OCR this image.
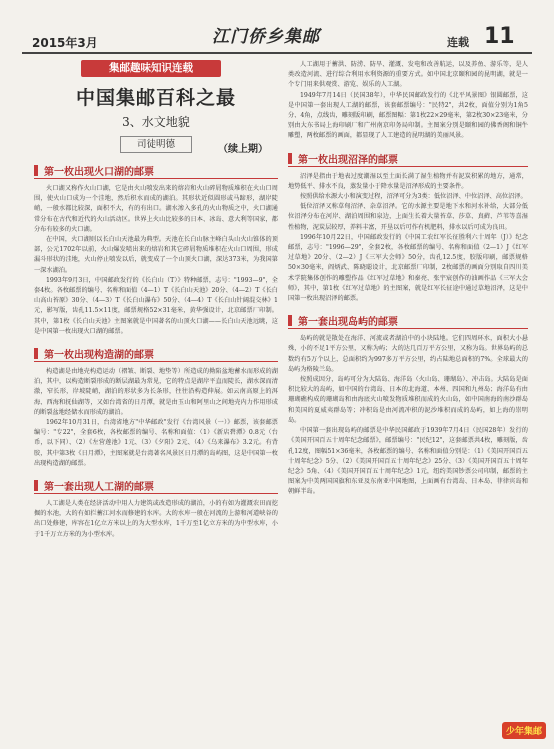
2015年3月	江门侨乡集邮	连载 11
集邮趣味知识连载
中国集邮百科之最
3、水文地貌
司徒明德	（续上期）
第一枚出现火口湖的邮票

火口湖又称作火山口湖，它是由火山喷发出来的熔岩和火山碎屑物质堆积在火山口周围，使火山口成为一个洼地，然后积水而成的湖泊。其形状近似圆形或马蹄形，湖岸陡峭，一般水都比较深，面积不大，有的有出口。湖水渗入多孔的火山物质之中，火口湖通常分布在古代和近代的火山活动区。世界上火山比较多的日本、冰岛、意大利等国家，都分布有较多的火口湖。

在中国，火口湖则以长白山天池最为典型。天池在长白山脉主峰白头山火山锥体的顶部，公元1702年以前，火山爆发喷出来的熔岩和其它碎屑物质堆积在火山口周围，形成漏斗形状的洼地，火山停止喷发以后，就变成了一个山顶火口湖，深达373米，为我国第一深水湖泊。

1993年9月3日，中国邮政发行的《长白山（T）》特种邮票，志号："1993—9"，全套4枚。各枚邮票的编号、名称和面值（4—1）T《长白山天池》20分、（4—2）T《长白山高山苔原》30分、（4—3）T《长白山瀑布》50分、（4—4）T《长白山针阔混交林》1元，影写版，齿孔11.5×11度，邮票规格52×31毫米，黄华强设计，北京邮票厂印制。其中，第1枚《长白山天池》主图案就是中国著名的山顶火口湖——长白山天池远眺，这是中国第一枚出现火口湖的邮票。

第一枚出现构造湖的邮票

构造湖是由地壳构造运动（褶皱、断裂、地垫等）所造成的拗陷盆地蓄水而形成的湖泊，其中，以构造断裂形成的断层湖最为常见，它的特点是湖岸平直而陡长，湖水深而清澈，窄长形，岸坡陡峭，湖泊的形状多为长条形，往往沿构造伸展。如云南高原上的洱海、西海和抚仙湖等，又如台湾省的日月潭，就是由玉山和阿里山之间地壳内力作用形成的断裂盆地经储水而形成的湖泊。

1962年10月31日，台湾省地方"中华邮政"发行《台湾风景（一）》邮票，该套邮票编号："专22"，全套6枚，各枚邮票的编号、名称和面值：（1）《新店碧潭》0.8元（台币，以下同）、（2）《左营莲池》1元、（3）《夕阳》2元、（4）《乌来瀑布》3.2元。有背胶，其中第3枚《日月潭》，主图案就是台湾著名风景区日月潭的岛屿图，这是中国第一枚出现构造湖的邮票。

第一套出现人工湖的邮票

人工湖是人类在经济活动中用人力建筑或改造形成的湖泊，小的有如为灌溉农田而挖掘的水池，大的有如拦蓄江河水而修建的水库。大的水库一般在河流的上游和河道峡谷的出口处修建，库容在1亿立方米以上的为大型水库，1千万至1亿立方米的为中型水库，小于1千万立方米的为小型水库。

人工湖用于蓄洪、防涝、防旱、灌溉、发电和改善航运，以及养鱼、游乐等，是人类改造河流、进行综合利用水利资源的重要方式。如中国北京颐和园的昆明湖，就是一个专门用来供观赏、游览、娱乐的人工湖。

1949年7月14日（民国38年），中华民国邮政发行的《北平风景图》银圆邮票，这是中国第一套出现人工湖的邮票，该套邮票编号："民特2"，共2枚，面值分别为1角5分、4角，点线齿，雕刻版印刷，邮票图幅：第1枚22×29毫米，第2枚30×23毫米，分别由大东书局上海印刷厂和广州南京印务局印制。主图案分别是颐和园的佛香阁和铜牛雕塑，两枚邮票的画面，都显现了人工建造的昆明湖的美丽风景。

第一枚出现沼泽的邮票

沼泽是指由于地表过度潮湿以至土面长满了湿生植物并有泥炭积累的地方，通常，地势低平、排水不良，蒸发量小于降水量是沼泽形成的主要条件。

按照供给水源大小和演变过程，沼泽可分为3类：低位沼泽、中位沼泽、高位沼泽。

低位沼泽又称草甸沼泽、杂草沼泽。它的水源主要是地下水和河水补给，大部分低位沼泽分布在河岸、湖泊周围和泉边，上面生长着大量苔草、莎草、真藓、芦苇等喜湿性植物，泥炭层较厚，养料丰富，开垦以后可作有机肥料，排水以后可成为良田。

1996年10月22日，中国邮政发行的《中国工农红军长征胜利六十周年（J）》纪念邮票，志号："1996—29"，全套2枚，各枚邮票的编号、名称和面值（2—1）J《红军过草地》20分、（2—2）J《三军大会师》50分，齿孔12.5度，胶版印刷，邮票规格50×30毫米，阎炳武、陈晓聪设计，北京邮票厂印制，2枚邮票的画面分别取自四川美术学院集体创作的雕塑作品《红军过草地》和秦亮、张宇宸创作的油画作品《三军大会师》，其中，第1枚《红军过草地》的主图案，就是红军长征途中通过草地沼泽，这是中国第一枚出现沼泽的邮票。

第一套出现岛屿的邮票

岛屿的就是散处在海洋、河流或者湖泊中的小块陆地。它们四周环水，面积大小悬殊，小的不足1平方公里，又称为屿；大的达几百万平方公里，又称为岛。世界岛屿的总数约有5万个以上，总面积约为997多万平方公里，约占陆地总面积的7%。全球最大的岛屿为格陵兰岛。

按照成因分，岛屿可分为大陆岛、海洋岛（火山岛、珊瑚岛）、冲击岛。大陆岛是面积比较大的岛屿，如中国的台湾岛、日本的北海道、本州、四国和九州岛；海洋岛有由珊瑚礁构成的珊瑚岛和由海底火山喷发物质堆积而成的火山岛，如中国南海的南沙群岛和美国的夏威夷群岛等；冲积岛是由河流冲积的泥沙堆积而成的岛屿，如上海的崇明岛。

中国第一套出现岛屿的邮票是中华民国邮政于1939年7月4日（民国28年）发行的《美国开国百五十周年纪念邮票》，邮票编号："民纪12"，这套邮票共4枚，雕刻版，齿孔12度，图幅51×36毫米，各枚邮票的编号、名称和面值分别是：（1）《美国开国百五十周年纪念》5分、（2）《美国开国百五十周年纪念》25分、（3）《美国开国百五十周年纪念》5角、（4）《美国开国百五十周年纪念》1元，纽约美国钞票公司印制，邮票的主图案为中美两国国旗和东亚及东南亚中国地图，上面画有台湾岛、日本岛、菲律宾岛和朝鲜半岛。

少年集邮
